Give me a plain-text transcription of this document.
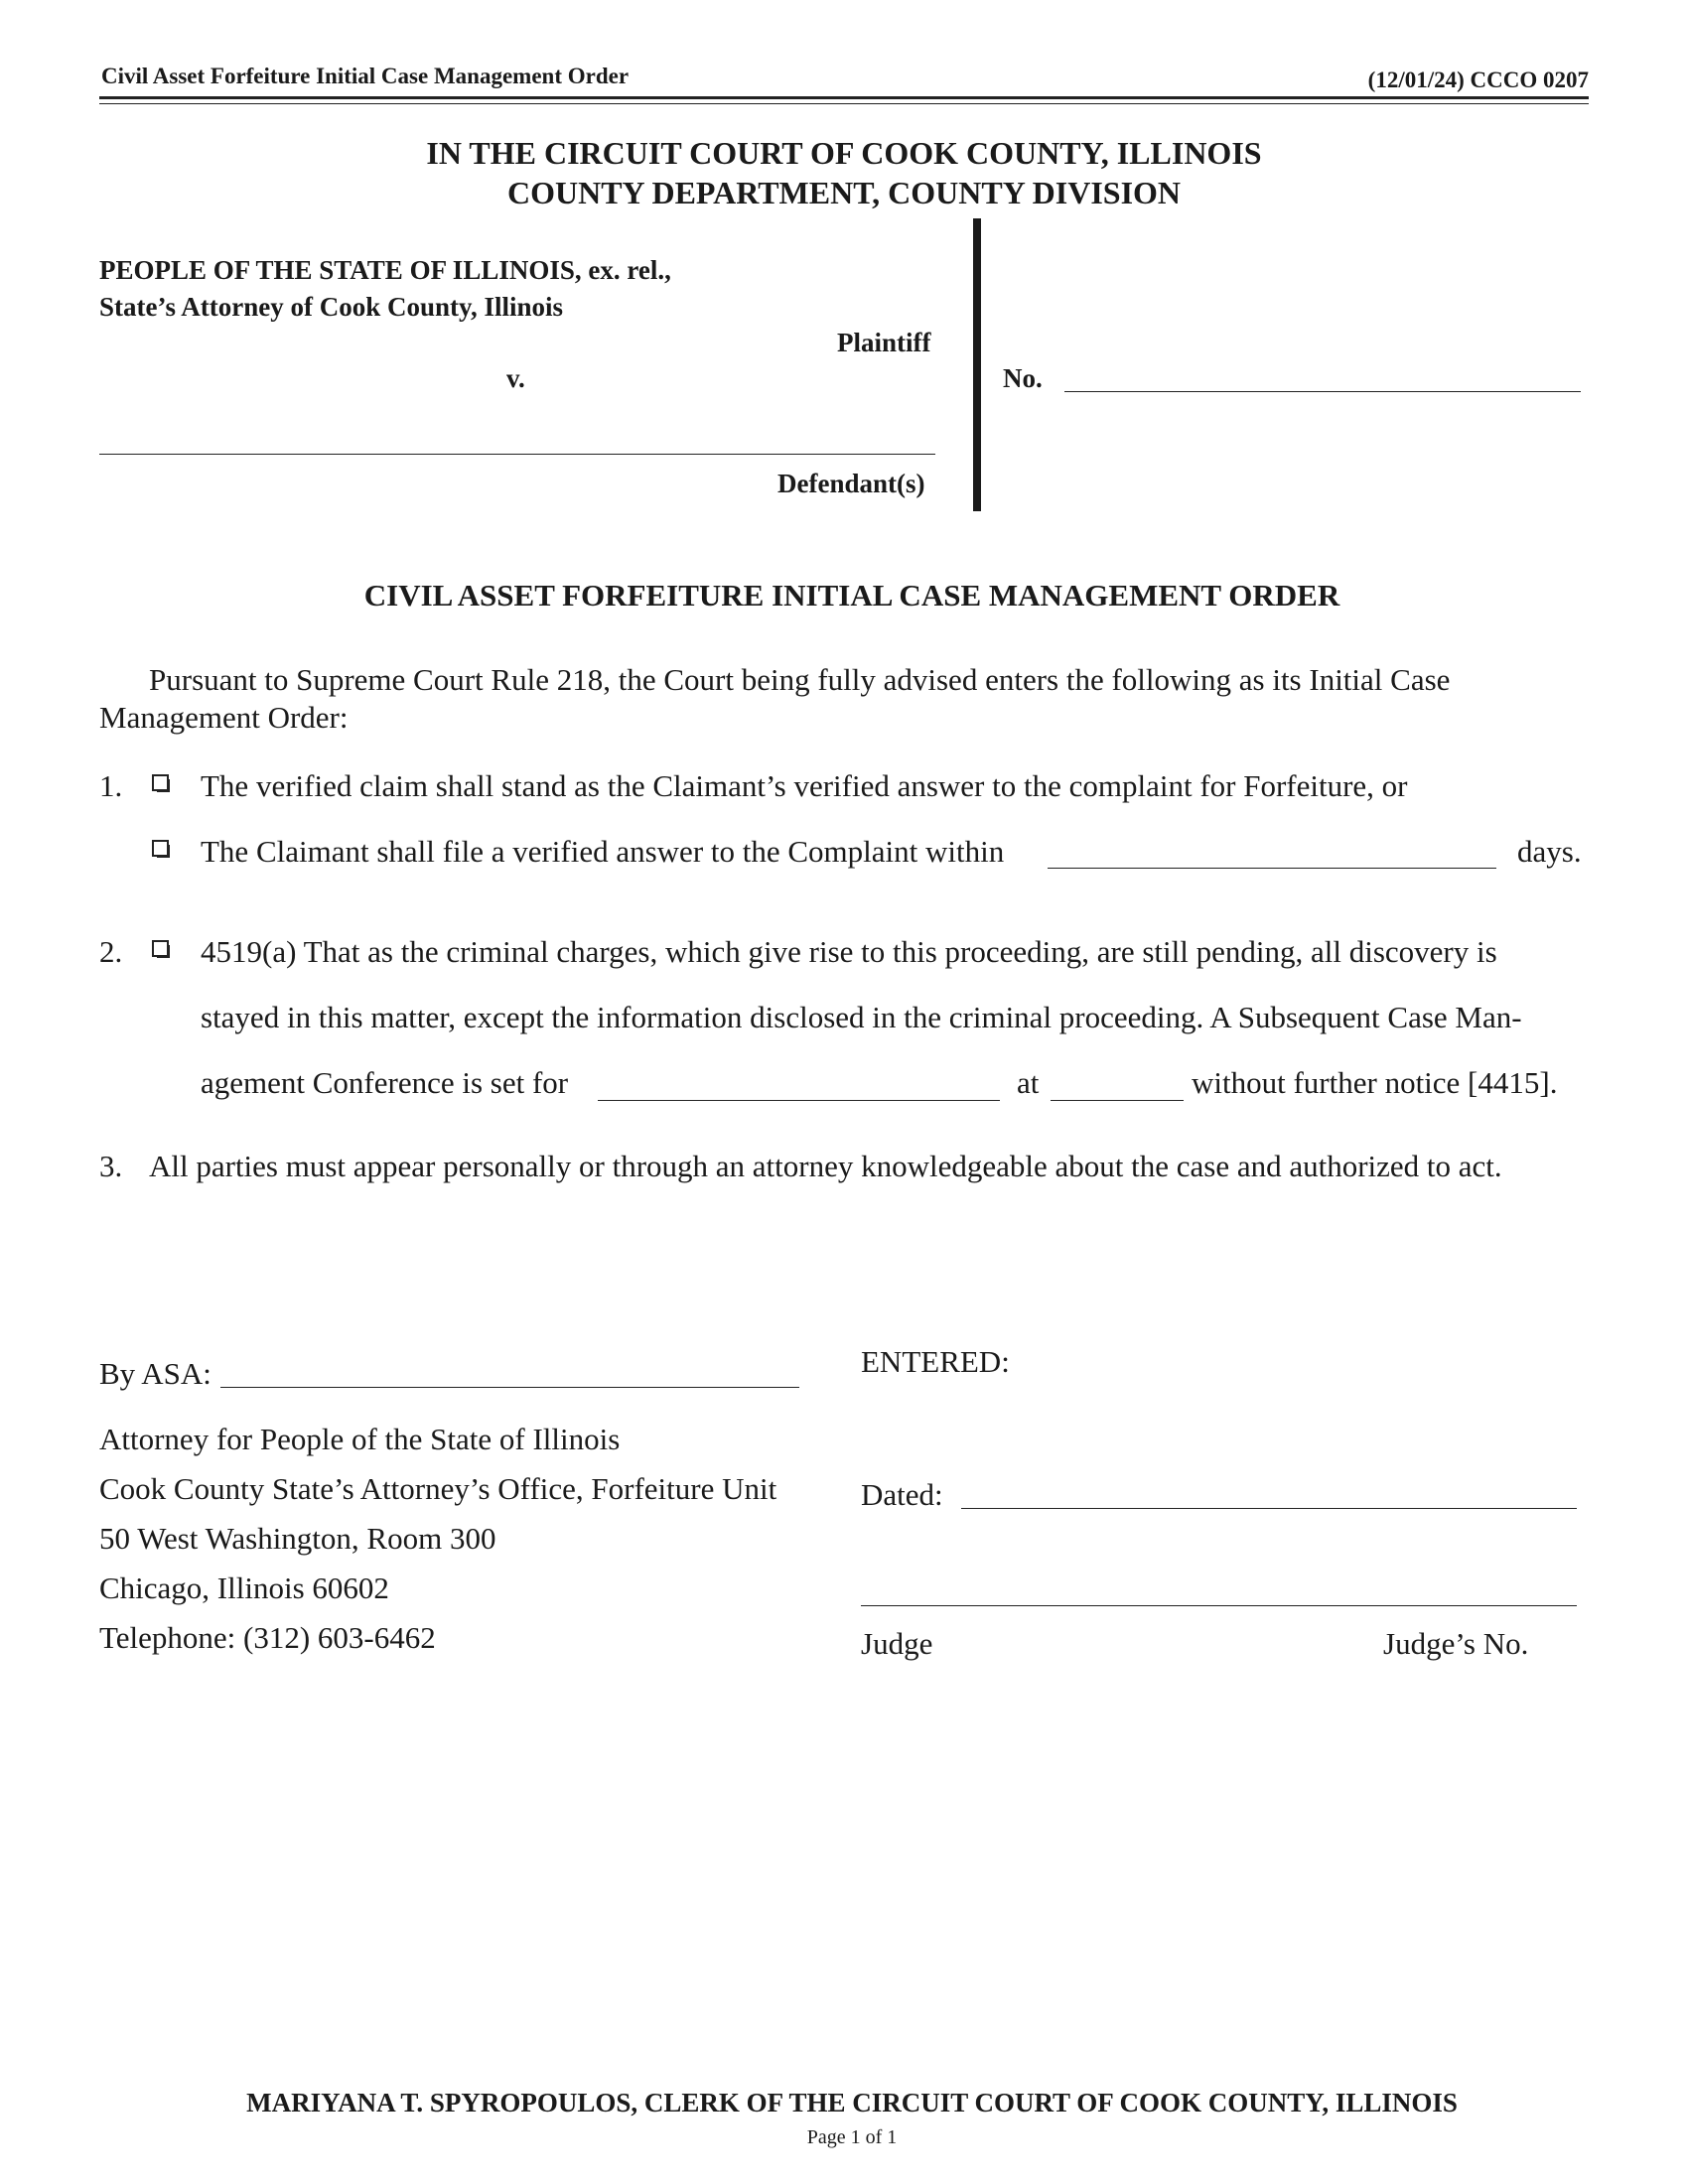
Civil Asset Forfeiture Initial Case Management Order	(12/01/24) CCCO 0207
IN THE CIRCUIT COURT OF COOK COUNTY, ILLINOIS
COUNTY DEPARTMENT, COUNTY DIVISION
PEOPLE OF THE STATE OF ILLINOIS, ex. rel.,
State’s Attorney of Cook County, Illinois
Plaintiff
v.
Defendant(s)
No.
CIVIL ASSET FORFEITURE INITIAL CASE MANAGEMENT ORDER
Pursuant to Supreme Court Rule 218, the Court being fully advised enters the following as its Initial Case
Management Order:
1.	The verified claim shall stand as the Claimant’s verified answer to the complaint for Forfeiture, or
The Claimant shall file a verified answer to the Complaint within	days.
2.	4519(a) That as the criminal charges, which give rise to this proceeding, are still pending, all discovery is
stayed in this matter, except the information disclosed in the criminal proceeding. A Subsequent Case Man-
agement Conference is set for	at	without further notice [4415].
3. All parties must appear personally or through an attorney knowledgeable about the case and authorized to act.
By ASA:
Attorney for People of the State of Illinois
Cook County State’s Attorney’s Office, Forfeiture Unit
50 West Washington, Room 300
Chicago, Illinois 60602
Telephone: (312) 603-6462
ENTERED:
Dated:
Judge	Judge’s No.
MARIYANA T. SPYROPOULOS, CLERK OF THE CIRCUIT COURT OF COOK COUNTY, ILLINOIS
Page 1 of 1
